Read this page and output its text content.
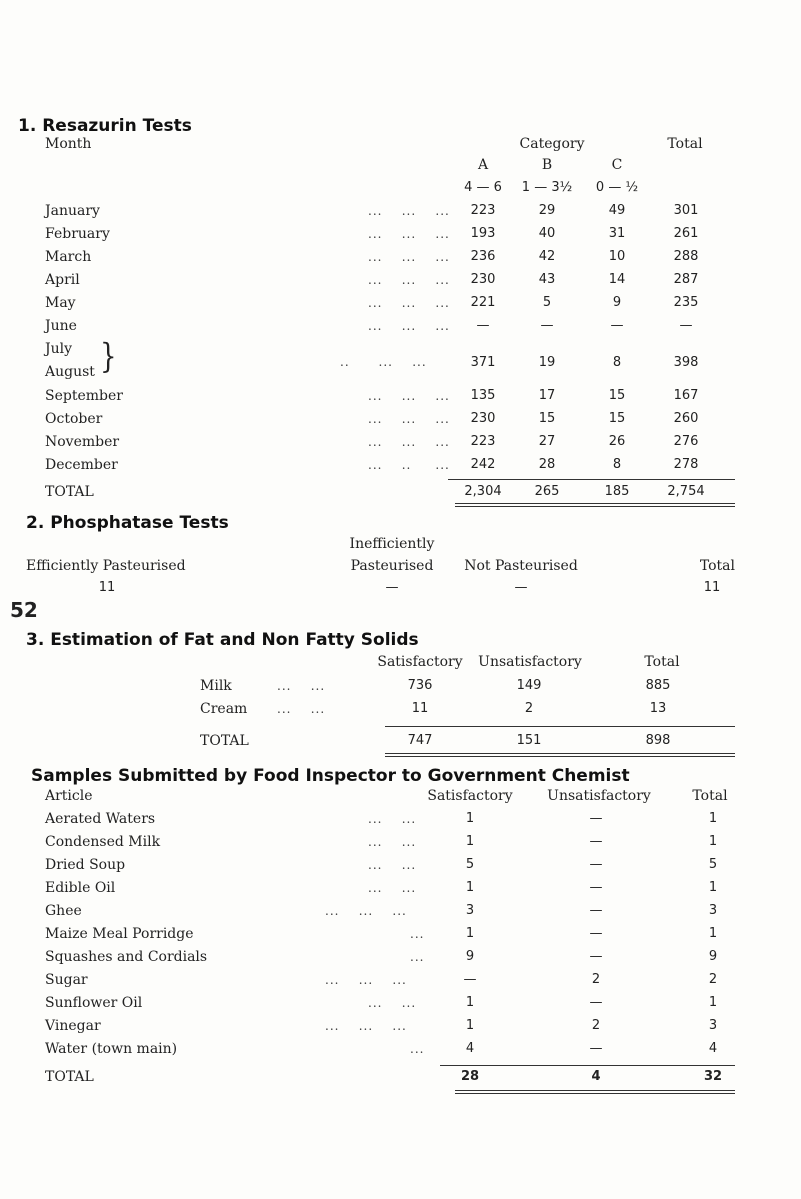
52
1. Resazurin Tests
Month	Category	Total
A	B	C
4 — 6 1 — 3½ 0 — ½
January	...    ...    ... 223	29	49	301
February	...    ...    ... 193	40	31	261
March	...    ...    ... 236	42	10	288
April	...    ...    ... 230	43	14	287
May	...    ...    ... 221	5	9	235
June	...    ...    ... —	—	—	—
July
August }	..      ...    ...	371	19	8	398
September	...    ...    ... 135	17	15	167
October	...    ...    ... 230	15	15	260
November	...    ...    ... 223	27	26	276
December	...    ..     ... 242	28	8	278
TOTAL	2,304	265	185	2,754
2. Phosphatase Tests
Inefficiently
Efficiently Pasteurised	Pasteurised Not Pasteurised	Total
11	—	—	11
3. Estimation of Fat and Non Fatty Solids
Satisfactory Unsatisfactory	Total
Milk	...    ...	736	149	885
Cream ...    ...	11	2	13
TOTAL	747	151	898
Samples Submitted by Food Inspector to Government Chemist
Article	Satisfactory Unsatisfactory	Total
Aerated Waters	...    ...	1	—	1
Condensed Milk	...    ...	1	—	1
Dried Soup	...    ...	5	—	5
Edible Oil	...    ...	1	—	1
Ghee	...    ...    ...	3	—	3
Maize Meal Porridge	...	1	—	1
Squashes and Cordials	...	9	—	9
Sugar	...    ...    ...	—	2	2
Sunflower Oil	...    ...	1	—	1
Vinegar	...    ...    ...	1	2	3
Water (town main)	...	4	—	4
TOTAL	28	4	32
